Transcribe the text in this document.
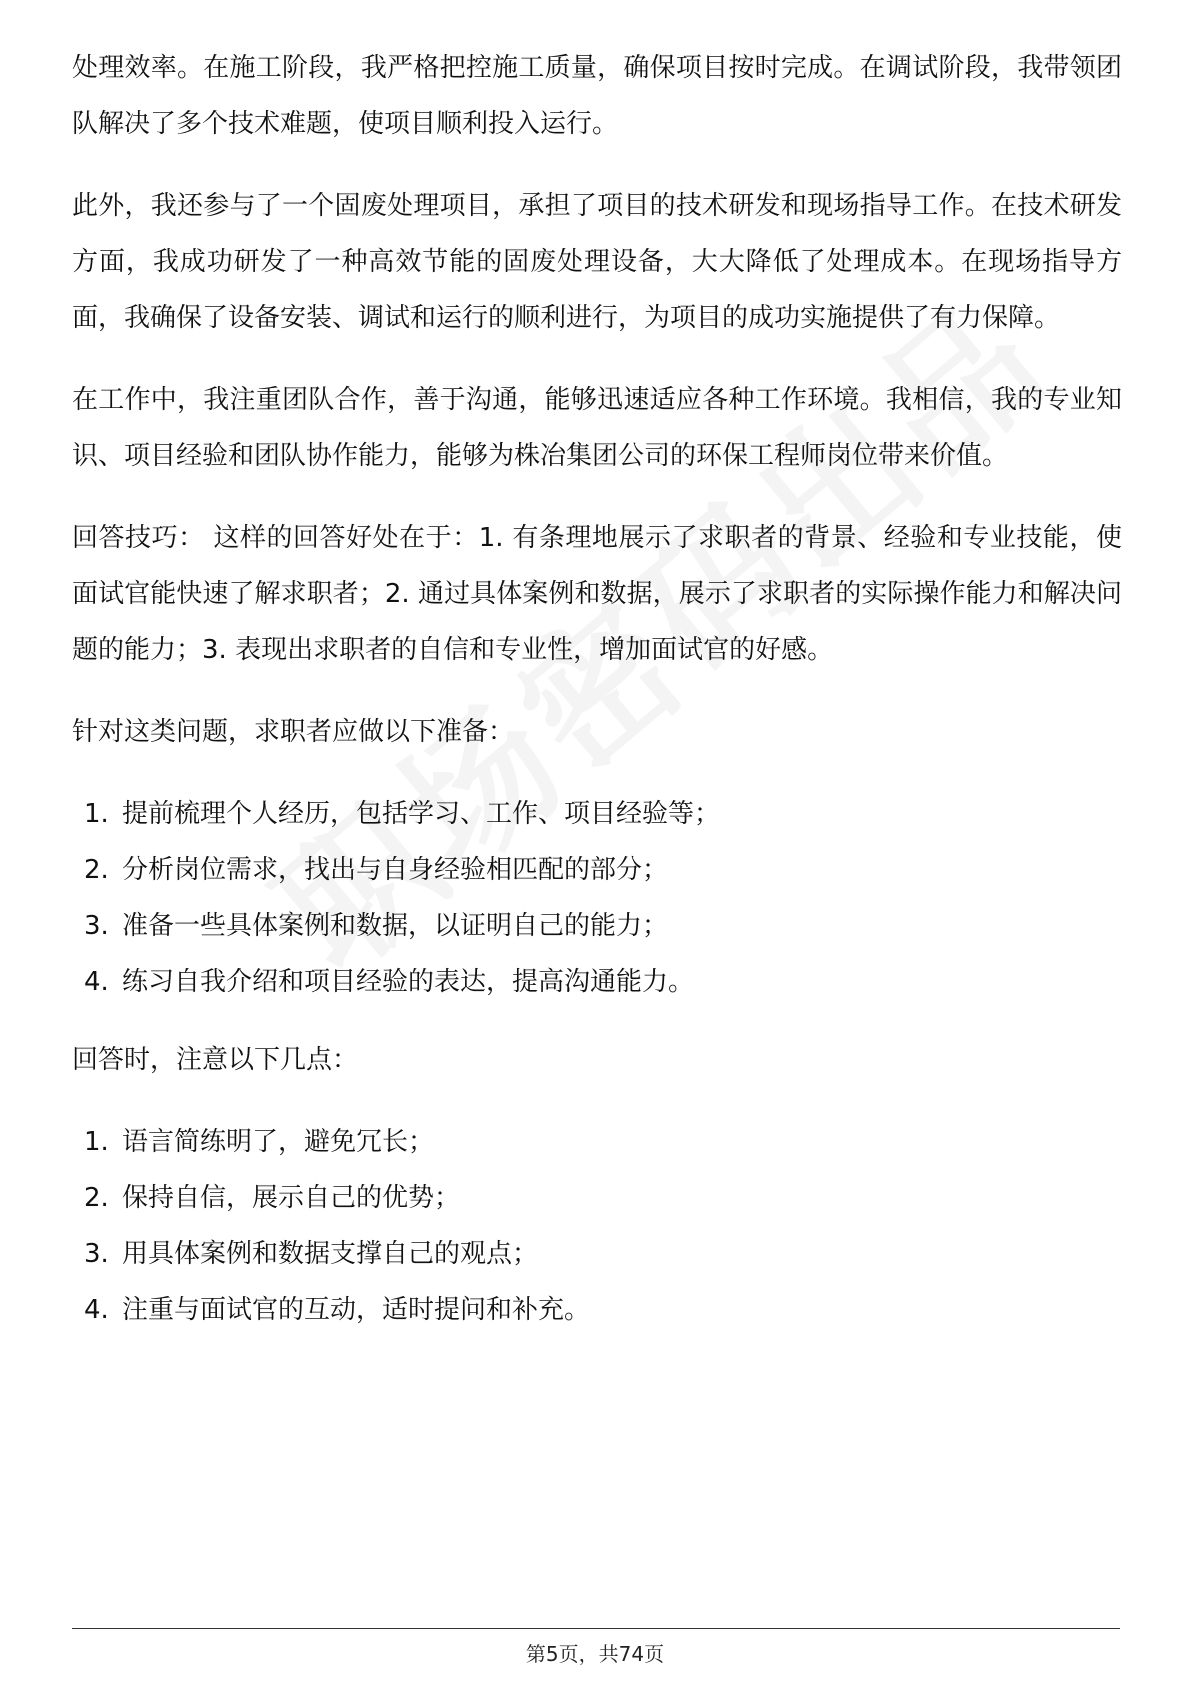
处理效率。在施工阶段，我严格把控施工质量，确保项目按时完成。在调试阶段，我带领团队解决了多个技术难题，使项目顺利投入运行。

此外，我还参与了一个固废处理项目，承担了项目的技术研发和现场指导工作。在技术研发方面，我成功研发了一种高效节能的固废处理设备，大大降低了处理成本。在现场指导方面，我确保了设备安装、调试和运行的顺利进行，为项目的成功实施提供了有力保障。

在工作中，我注重团队合作，善于沟通，能够迅速适应各种工作环境。我相信，我的专业知识、项目经验和团队协作能力，能够为株冶集团公司的环保工程师岗位带来价值。

回答技巧： 这样的回答好处在于：1. 有条理地展示了求职者的背景、经验和专业技能，使面试官能快速了解求职者；2. 通过具体案例和数据，展示了求职者的实际操作能力和解决问题的能力；3. 表现出求职者的自信和专业性，增加面试官的好感。

针对这类问题，求职者应做以下准备：

1. 提前梳理个人经历，包括学习、工作、项目经验等；
2. 分析岗位需求，找出与自身经验相匹配的部分；
3. 准备一些具体案例和数据，以证明自己的能力；
4. 练习自我介绍和项目经验的表达，提高沟通能力。

回答时，注意以下几点：

1. 语言简练明了，避免冗长；
2. 保持自信，展示自己的优势；
3. 用具体案例和数据支撑自己的观点；
4. 注重与面试官的互动，适时提问和补充。
第5页，共74页
